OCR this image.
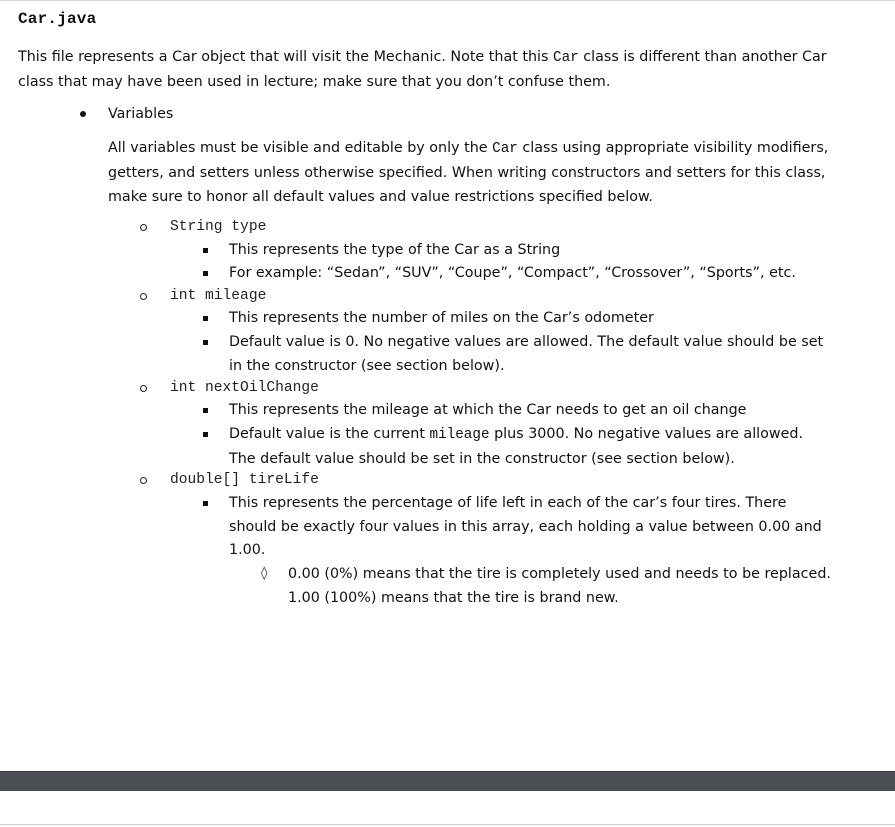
Car.java
This file represents a Car object that will visit the Mechanic. Note that this Car class is different than another Car
class that may have been used in lecture; make sure that you don’t confuse them.
Variables
All variables must be visible and editable by only the Car class using appropriate visibility modifiers,
getters, and setters unless otherwise specified. When writing constructors and setters for this class,
make sure to honor all default values and value restrictions specified below.
String type
This represents the type of the Car as a String
For example: “Sedan”, “SUV”, “Coupe”, “Compact”, “Crossover”, “Sports”, etc.
int mileage
This represents the number of miles on the Car’s odometer
Default value is 0. No negative values are allowed. The default value should be set
in the constructor (see section below).
int nextOilChange
This represents the mileage at which the Car needs to get an oil change
Default value is the current mileage plus 3000. No negative values are allowed.
The default value should be set in the constructor (see section below).
double[] tireLife
This represents the percentage of life left in each of the car’s four tires. There
should be exactly four values in this array, each holding a value between 0.00 and
1.00.
◊ 0.00 (0%) means that the tire is completely used and needs to be replaced.
1.00 (100%) means that the tire is brand new.
